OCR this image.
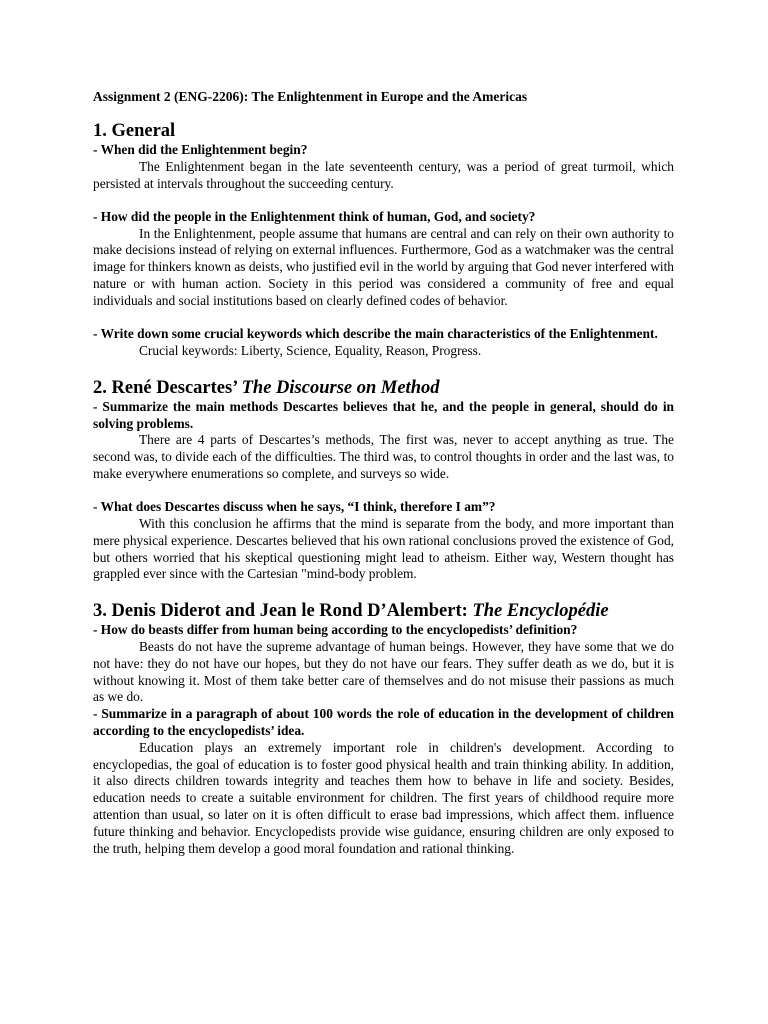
Assignment 2 (ENG-2206): The Enlightenment in Europe and the Americas
1. General
- When did the Enlightenment begin?
The Enlightenment began in the late seventeenth century, was a period of great turmoil, which persisted at intervals throughout the succeeding century.
- How did the people in the Enlightenment think of human, God, and society?
In the Enlightenment, people assume that humans are central and can rely on their own authority to make decisions instead of relying on external influences. Furthermore, God as a watchmaker was the central image for thinkers known as deists, who justified evil in the world by arguing that God never interfered with nature or with human action. Society in this period was considered a community of free and equal individuals and social institutions based on clearly defined codes of behavior.
- Write down some crucial keywords which describe the main characteristics of the Enlightenment.
Crucial keywords: Liberty, Science, Equality, Reason, Progress.
2. René Descartes’ The Discourse on Method
- Summarize the main methods Descartes believes that he, and the people in general, should do in solving problems.
There are 4 parts of Descartes’s methods, The first was, never to accept anything as true. The second was, to divide each of the difficulties. The third was, to control thoughts in order and the last was, to make everywhere enumerations so complete, and surveys so wide.
- What does Descartes discuss when he says, “I think, therefore I am”?
With this conclusion he affirms that the mind is separate from the body, and more important than mere physical experience. Descartes believed that his own rational conclusions proved the existence of God, but others worried that his skeptical questioning might lead to atheism. Either way, Western thought has grappled ever since with the Cartesian "mind-body problem.
3. Denis Diderot and Jean le Rond D’Alembert: The Encyclopédie
- How do beasts differ from human being according to the encyclopedists’ definition?
Beasts do not have the supreme advantage of human beings. However, they have some that we do not have: they do not have our hopes, but they do not have our fears. They suffer death as we do, but it is without knowing it. Most of them take better care of themselves and do not misuse their passions as much as we do.
- Summarize in a paragraph of about 100 words the role of education in the development of children according to the encyclopedists’ idea.
Education plays an extremely important role in children's development. According to encyclopedias, the goal of education is to foster good physical health and train thinking ability. In addition, it also directs children towards integrity and teaches them how to behave in life and society. Besides, education needs to create a suitable environment for children. The first years of childhood require more attention than usual, so later on it is often difficult to erase bad impressions, which affect them. influence future thinking and behavior. Encyclopedists provide wise guidance, ensuring children are only exposed to the truth, helping them develop a good moral foundation and rational thinking.
